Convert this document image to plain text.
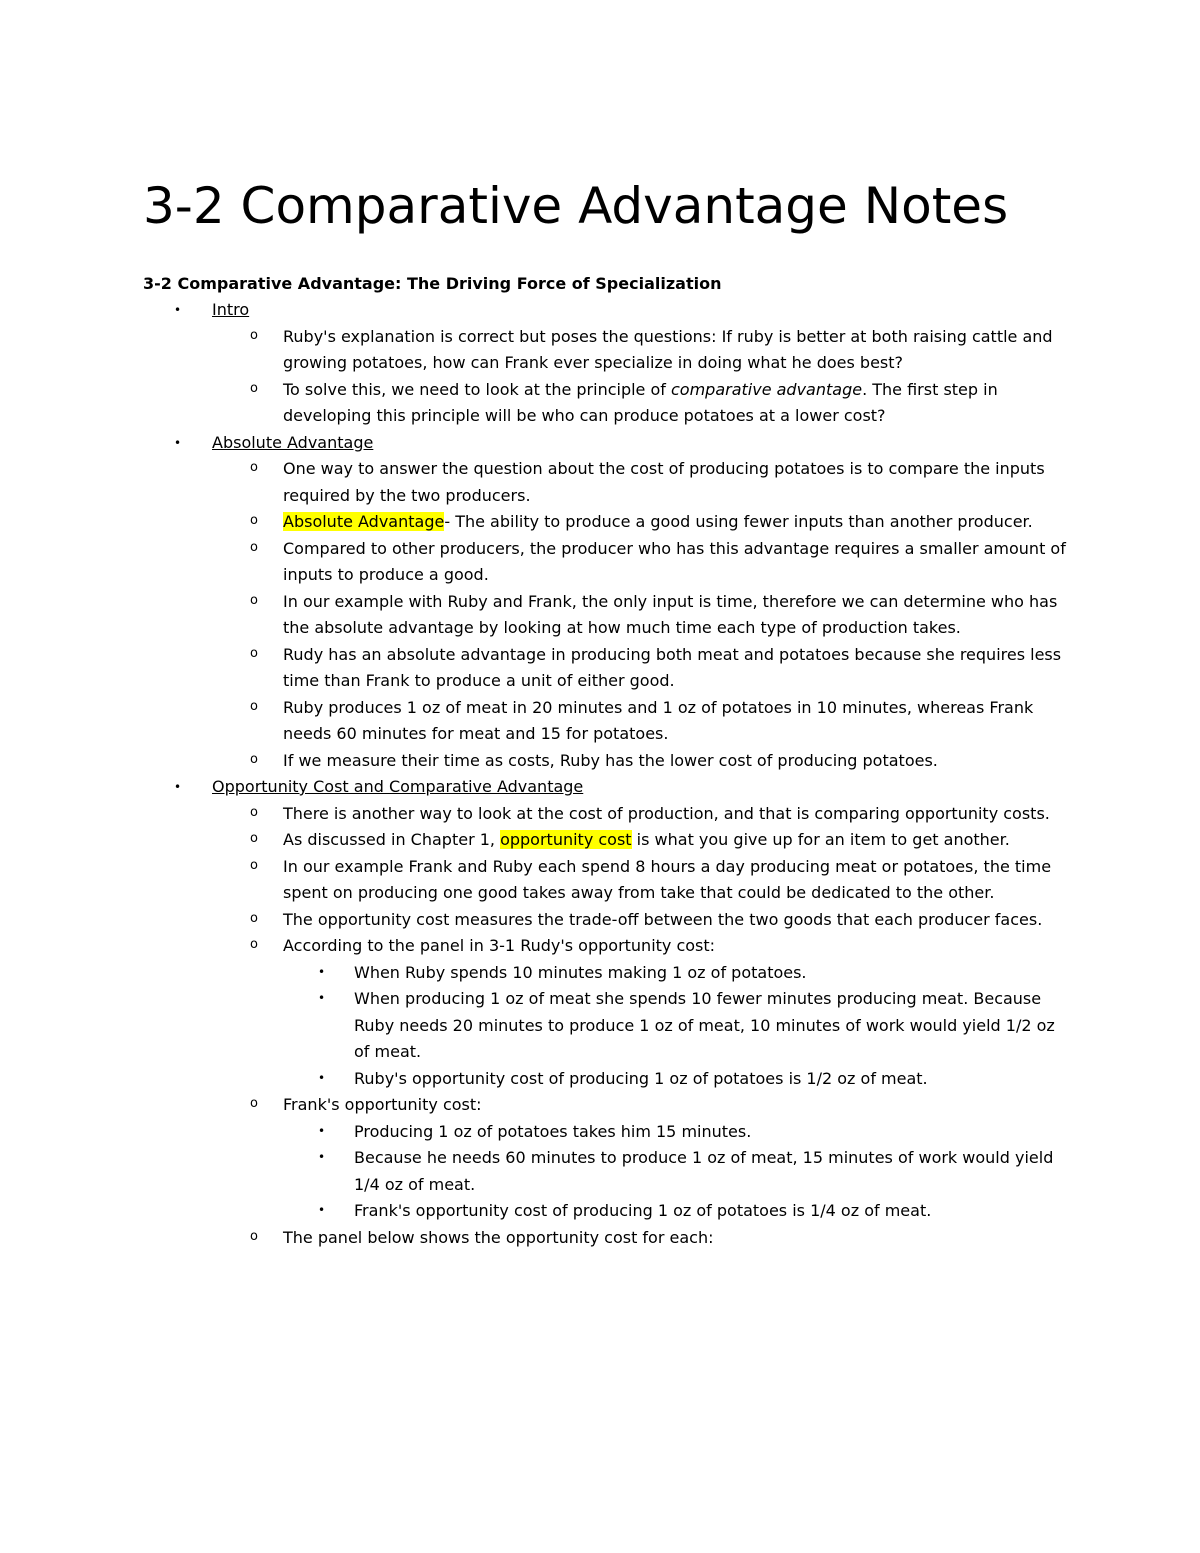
3-2 Comparative Advantage Notes
3-2 Comparative Advantage: The Driving Force of Specialization
• Intro
o Ruby's explanation is correct but poses the questions: If ruby is better at both raising cattle and growing potatoes, how can Frank ever specialize in doing what he does best?
o To solve this, we need to look at the principle of comparative advantage. The first step in developing this principle will be who can produce potatoes at a lower cost?
• Absolute Advantage
o One way to answer the question about the cost of producing potatoes is to compare the inputs required by the two producers.
o Absolute Advantage- The ability to produce a good using fewer inputs than another producer.
o Compared to other producers, the producer who has this advantage requires a smaller amount of inputs to produce a good.
o In our example with Ruby and Frank, the only input is time, therefore we can determine who has the absolute advantage by looking at how much time each type of production takes.
o Rudy has an absolute advantage in producing both meat and potatoes because she requires less time than Frank to produce a unit of either good.
o Ruby produces 1 oz of meat in 20 minutes and 1 oz of potatoes in 10 minutes, whereas Frank needs 60 minutes for meat and 15 for potatoes.
o If we measure their time as costs, Ruby has the lower cost of producing potatoes.
• Opportunity Cost and Comparative Advantage
o There is another way to look at the cost of production, and that is comparing opportunity costs.
o As discussed in Chapter 1, opportunity cost is what you give up for an item to get another.
o In our example Frank and Ruby each spend 8 hours a day producing meat or potatoes, the time spent on producing one good takes away from take that could be dedicated to the other.
o The opportunity cost measures the trade-off between the two goods that each producer faces.
o According to the panel in 3-1 Rudy's opportunity cost:
• When Ruby spends 10 minutes making 1 oz of potatoes.
• When producing 1 oz of meat she spends 10 fewer minutes producing meat. Because Ruby needs 20 minutes to produce 1 oz of meat, 10 minutes of work would yield 1/2 oz of meat.
• Ruby's opportunity cost of producing 1 oz of potatoes is 1/2 oz of meat.
o Frank's opportunity cost:
• Producing 1 oz of potatoes takes him 15 minutes.
• Because he needs 60 minutes to produce 1 oz of meat, 15 minutes of work would yield 1/4 oz of meat.
• Frank's opportunity cost of producing 1 oz of potatoes is 1/4 oz of meat.
o The panel below shows the opportunity cost for each:
